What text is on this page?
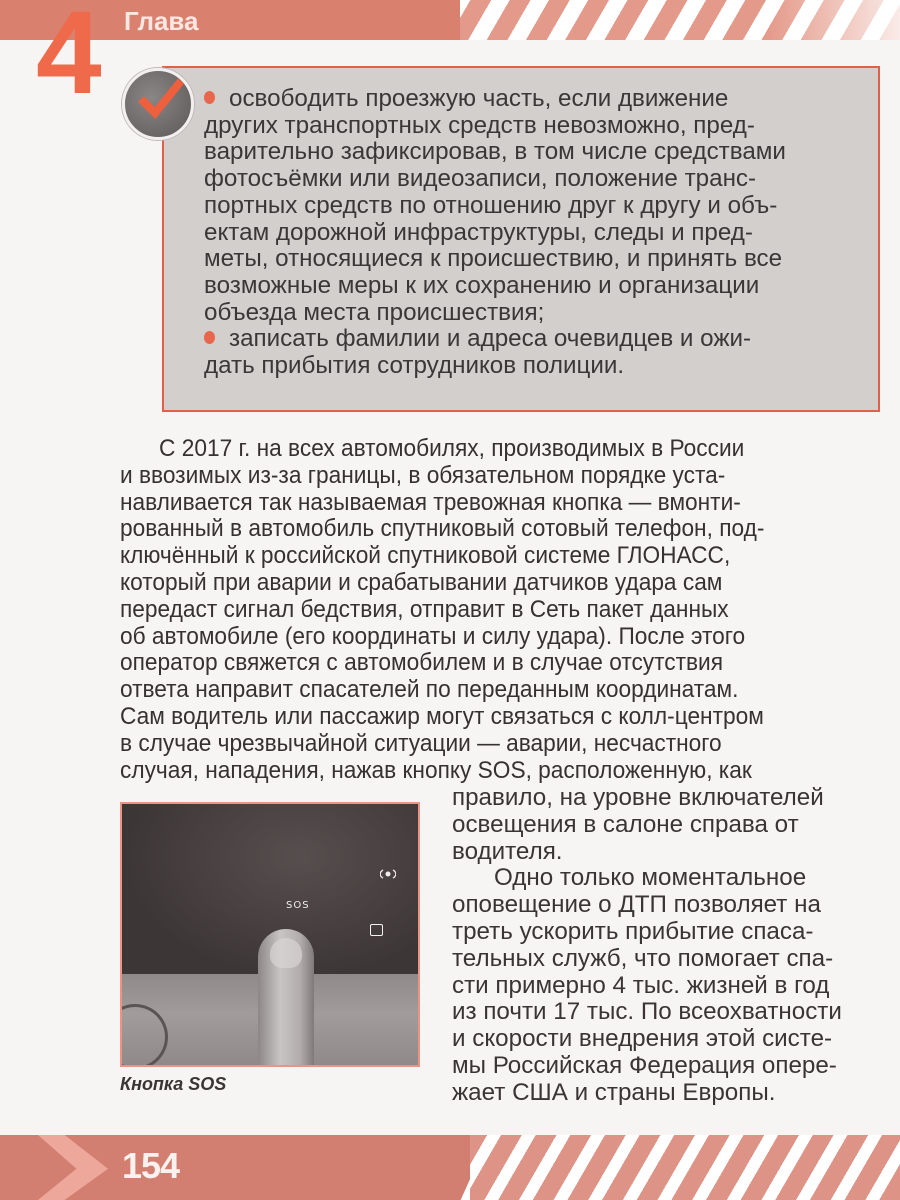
4 Глава

освободить проезжую часть, если движение
других транспортных средств невозможно, пред-
варительно зафиксировав, в том числе средствами
фотосъёмки или видеозаписи, положение транс-
портных средств по отношению друг к другу и объ-
ектам дорожной инфраструктуры, следы и пред-
меты, относящиеся к происшествию, и принять все
возможные меры к их сохранению и организации
объезда места происшествия;

записать фамилии и адреса очевидцев и ожи-
дать прибытия сотрудников полиции.

С 2017 г. на всех автомобилях, производимых в России
и ввозимых из-за границы, в обязательном порядке уста-
навливается так называемая тревожная кнопка — вмонти-
рованный в автомобиль спутниковый сотовый телефон, под-
ключённый к российской спутниковой системе ГЛОНАСС,
который при аварии и срабатывании датчиков удара сам
передаст сигнал бедствия, отправит в Сеть пакет данных
об автомобиле (его координаты и силу удара). После этого
оператор свяжется с автомобилем и в случае отсутствия
ответа направит спасателей по переданным координатам.
Сам водитель или пассажир могут связаться с колл-центром
в случае чрезвычайной ситуации — аварии, несчастного
случая, нападения, нажав кнопку SOS, расположенную, как

SOS
Кнопка SOS

правило, на уровне включателей
освещения в салоне справа от
водителя.

Одно только моментальное
оповещение о ДТП позволяет на
треть ускорить прибытие спаса-
тельных служб, что помогает спа-
сти примерно 4 тыс. жизней в год
из почти 17 тыс. По всеохватности
и скорости внедрения этой систе-
мы Российская Федерация опере-
жает США и страны Европы.

154
